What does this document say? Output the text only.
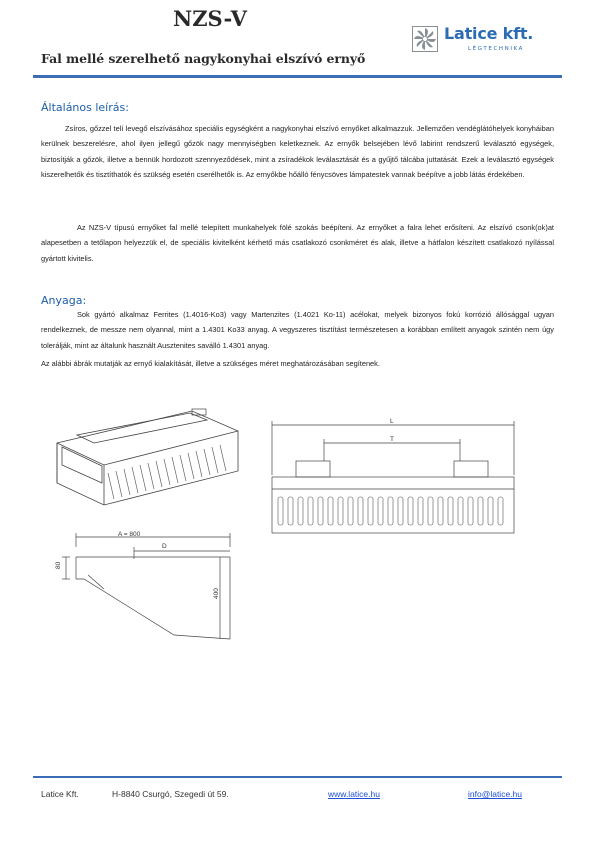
NZS-V
Fal mellé szerelhető nagykonyhai elszívó ernyő
Latice kft.
LÉGTECHNIKA
Általános leírás:
Zsíros, gőzzel telí levegő elszívásához speciális egységként a nagykonyhai elszívó ernyőket alkalmazzuk. Jellemzően vendéglátóhelyek konyháiban kerülnek beszerelésre, ahol ilyen jellegű gőzök nagy mennyiségben keletkeznek. Az ernyők belsejében lévő labirint rendszerű leválasztó egységek, biztosítják a gőzök, illetve a bennük hordozott szennyeződések, mint a zsíradékok leválasztását és a gyűjtő tálcába juttatását. Ezek a leválasztó egységek kiszerelhetők és tisztíthatók és szükség esetén cserélhetők is. Az ernyőkbe hőálló fénycsöves lámpatestek vannak beépítve a jobb látás érdekében.
Az NZS-V típusú ernyőket fal mellé telepített munkahelyek fölé szokás beépíteni. Az ernyőket a falra lehet erősíteni. Az elszívó csonk(ok)at alapesetben a tetőlapon helyezzük el, de speciális kivitelként kérhető más csatlakozó csonkméret és alak, illetve a hátfalon készített csatlakozó nyílással gyártott kivitelis.
Anyaga:
Sok gyártó alkalmaz Ferrites (1.4016-Ko3) vagy Martenzites (1.4021 Ko-11) acélokat, melyek bizonyos fokú korrózió állósággal ugyan rendelkeznek, de messze nem olyannal, mint a 1.4301 Ko33 anyag. A vegyszeres tisztítást természetesen a korábban említett anyagok szintén nem úgy tolerálják, mint az általunk használt Ausztenites saválló 1.4301 anyag.
Az alábbi ábrák mutatják az ernyő kialakítását, illetve a szükséges méret meghatározásában segítenek.
L
T
A = 800
D
80
400
Latice Kft.	H-8840 Csurgó, Szegedi út 59.	www.latice.hu	info@latice.hu
